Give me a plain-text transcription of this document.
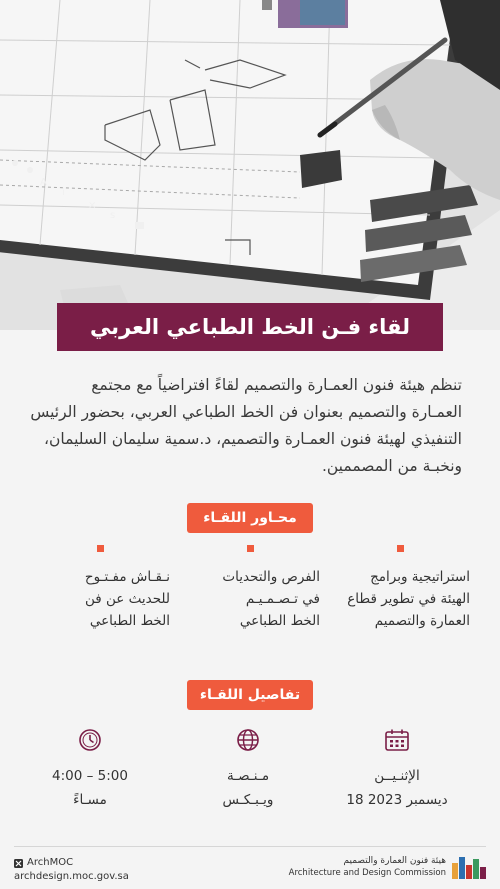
A
i
×
s
لقاء فـن الخط الطباعي العربي

تنظم هيئة فنون العمـارة والتصميم لقاءً افتراضياً مع مجتمع

العمـارة والتصميم بعنوان فن الخط الطباعي العربي، بحضور الرئيس

التنفيذي لهيئة فنون العمـارة والتصميم، د.سمية سليمان السليمان،

ونخبـة من المصممين.

محـاور اللقـاء

استراتيجية وبرامج

الهيئة في تطوير قطاع

العمارة والتصميم

الفرص والتحديات

في تـصـمـيـم

الخط الطباعي

نـقـاش مفـتـوح

للحديث عن فن

الخط الطباعي

تفاصيل اللقـاء

الإثنـيــن

18 ديسمبر 2023

مـنـصـة

ويـبـكـس

4:00 – 5:00

مسـاءً

ArchMOC
archdesign.moc.gov.sa
هيئة فنون العمارة والتصميم
Architecture and Design Commission
